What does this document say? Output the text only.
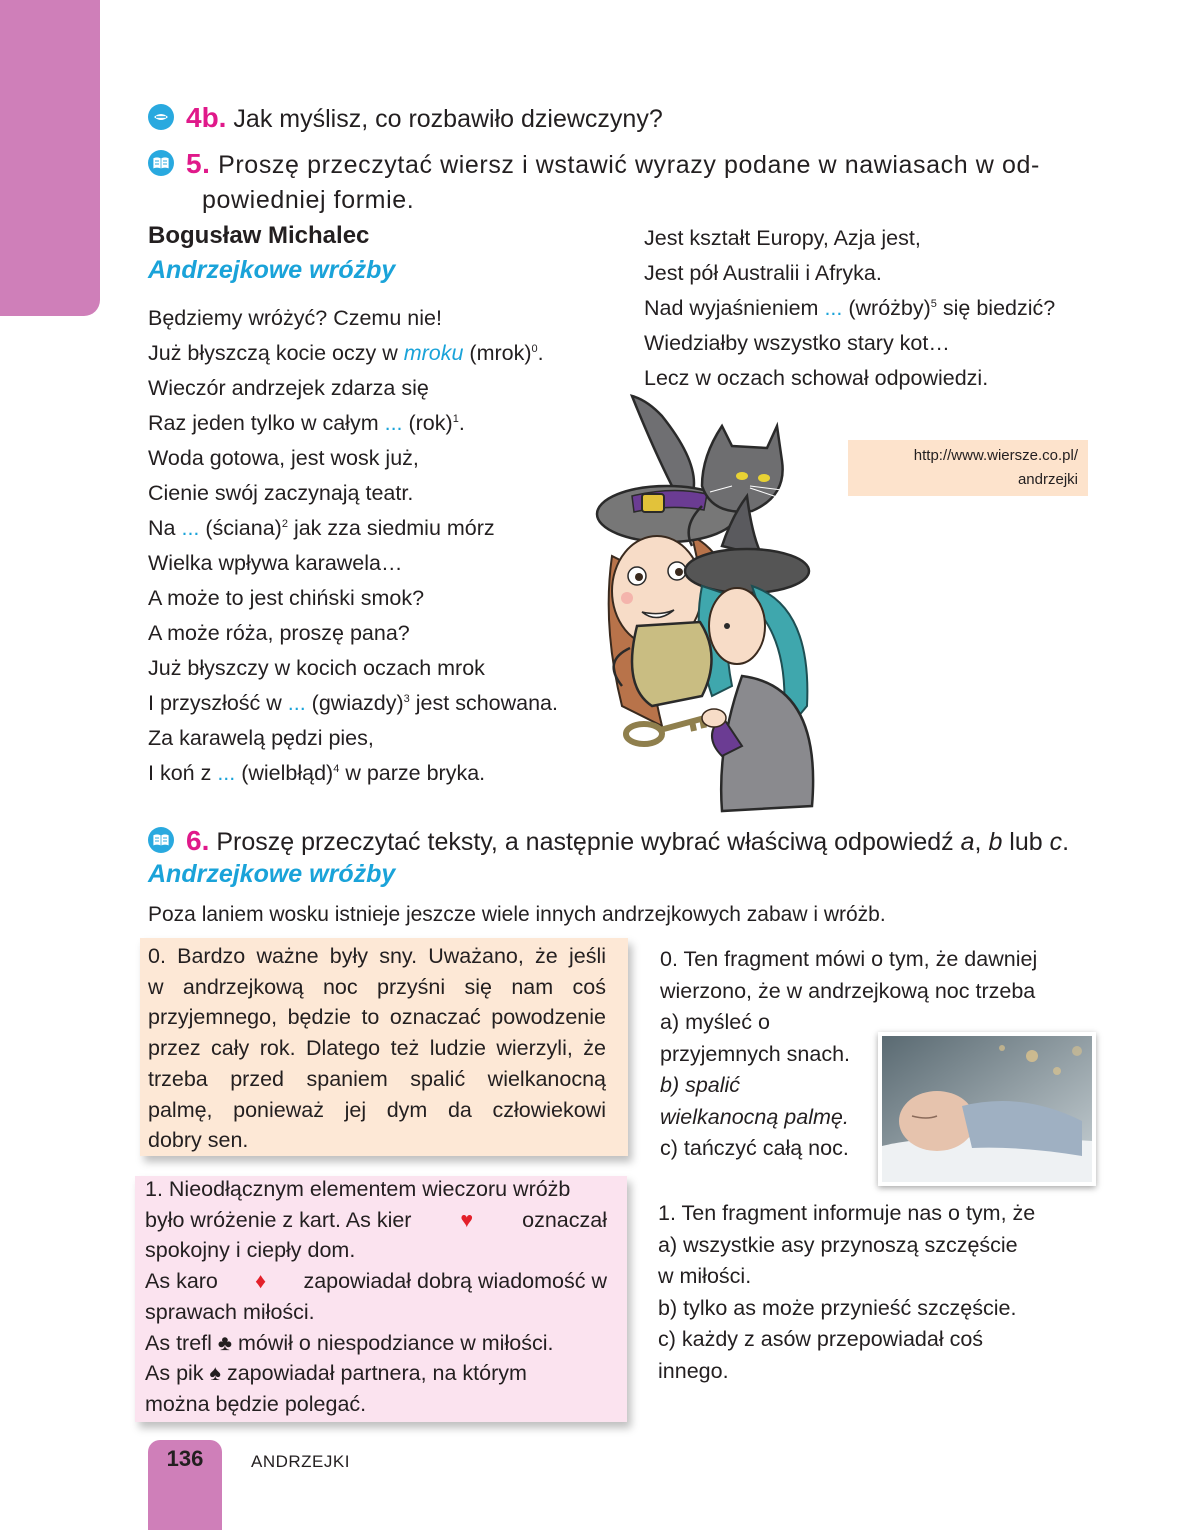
4b. Jak myślisz, co rozbawiło dziewczyny?
5. Proszę przeczytać wiersz i wstawić wyrazy podane w nawiasach w od-
powiedniej formie.
Bogusław Michalec
Andrzejkowe wróżby
Będziemy wróżyć? Czemu nie!
Już błyszczą kocie oczy w mroku (mrok)$^0$.
Wieczór andrzejek zdarza się
Raz jeden tylko w całym ... (rok)$^1$.
Woda gotowa, jest wosk już,
Cienie swój zaczynają teatr.
Na ... (ściana)$^2$ jak zza siedmiu mórz
Wielka wpływa karawela…
A może to jest chiński smok?
A może róża, proszę pana?
Już błyszczy w kocich oczach mrok
I przyszłość w ... (gwiazdy)$^3$ jest schowana.
Za karawelą pędzi pies,
I koń z ... (wielbłąd)$^4$ w parze bryka.
Jest kształt Europy, Azja jest,
Jest pół Australii i Afryka.
Nad wyjaśnieniem ... (wróżby)$^5$ się biedzić?
Wiedziałby wszystko stary kot…
Lecz w oczach schował odpowiedzi.
http://www.wiersze.co.pl/
andrzejki
6. Proszę przeczytać teksty, a następnie wybrać właściwą odpowiedź a, b lub c.
Andrzejkowe wróżby
Poza laniem wosku istnieje jeszcze wiele innych andrzejkowych zabaw i wróżb.
0. Bardzo ważne były sny. Uważano, że jeśli
w andrzejkową noc przyśni się nam coś
przyjemnego, będzie to oznaczać powodzenie
przez cały rok. Dlatego też ludzie wierzyli, że
trzeba przed spaniem spalić wielkanocną
palmę, ponieważ jej dym da człowiekowi
dobry sen.
1. Nieodłącznym elementem wieczoru wróżb
było wróżenie z kart. As kier ♥ oznaczał
spokojny i ciepły dom.
As karo ♦ zapowiadał dobrą wiadomość w
sprawach miłości.
As trefl ♣ mówił o niespodziance w miłości.
As pik ♠ zapowiadał partnera, na którym
można będzie polegać.
0. Ten fragment mówi o tym, że dawniej
wierzono, że w andrzejkową noc trzeba
a) myśleć o
przyjemnych snach.
b) spalić
wielkanocną palmę.
c) tańczyć całą noc.
1. Ten fragment informuje nas o tym, że
a) wszystkie asy przynoszą szczęście
w miłości.
b) tylko as może przynieść szczęście.
c) każdy z asów przepowiadał coś
innego.
136	ANDRZEJKI
